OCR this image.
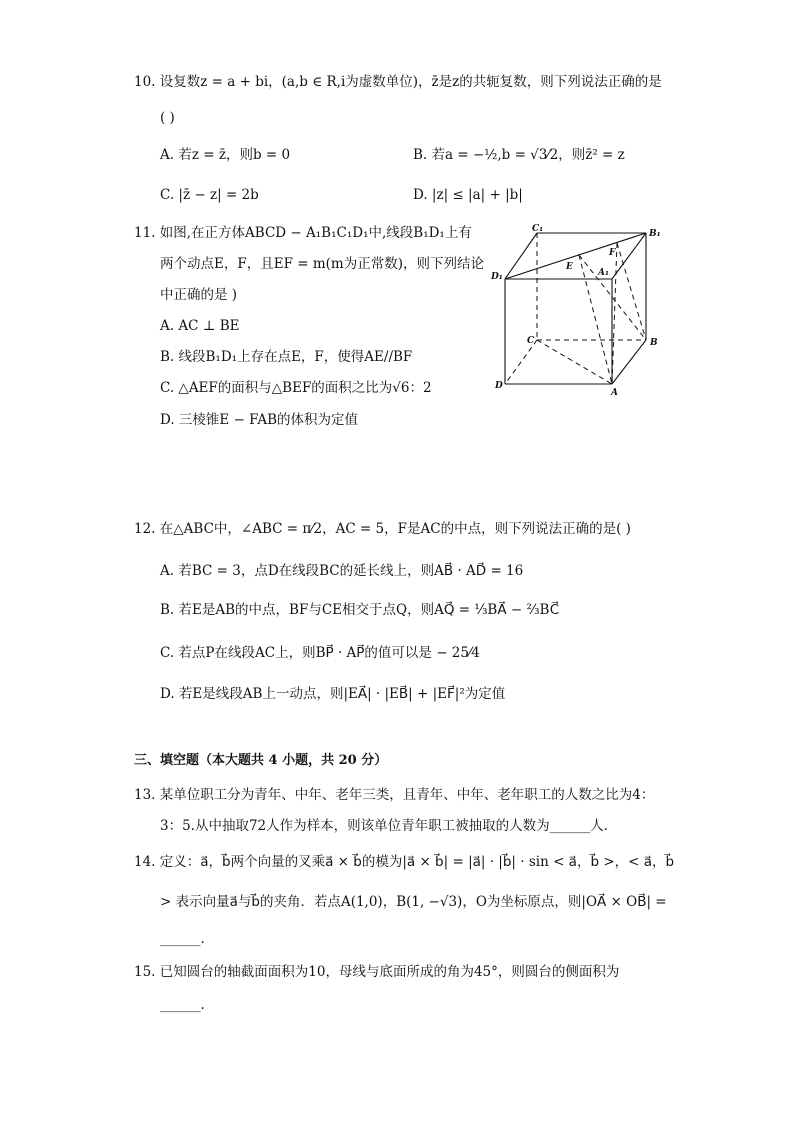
10. 设复数z = a + bi，(a,b ∈ R,i为虚数单位)，z̄是z的共轭复数，则下列说法正确的是
( )
A. 若z = z̄，则b = 0	B. 若a = −½,b = √3⁄2，则z̄² = z
C. |z̄ − z| = 2b	D. |z| ≤ |a| + |b|
11. 如图,在正方体ABCD − A₁B₁C₁D₁中,线段B₁D₁上有
两个动点E，F，且EF = m(m为正常数)，则下列结论
中正确的是 )
A. AC ⊥ BE
B. 线段B₁D₁上存在点E，F，使得AE//BF
C. △AEF的面积与△BEF的面积之比为√6：2
D. 三棱锥E − FAB的体积为定值
C₁	B₁
D₁	A₁
E
F
C	B
D
A
12. 在△ABC中，∠ABC = π⁄2，AC = 5，F是AC的中点，则下列说法正确的是( )
A. 若BC = 3，点D在线段BC的延长线上，则AB⃗ · AD⃗ = 16
B. 若E是AB的中点，BF与CE相交于点Q，则AQ⃗ = ⅓BA⃗ − ⅔BC⃗
C. 若点P在线段AC上，则BP⃗ · AP⃗的值可以是 − 25⁄4
D. 若E是线段AB上一动点，则|EA⃗| · |EB⃗| + |EF⃗|²为定值
三、填空题（本大题共 4 小题，共 20 分）
13. 某单位职工分为青年、中年、老年三类，且青年、中年、老年职工的人数之比为4：
3：5.从中抽取72人作为样本，则该单位青年职工被抽取的人数为______人.
14. 定义：a⃗，b⃗两个向量的叉乘a⃗ × b⃗的模为|a⃗ × b⃗| = |a⃗| · |b⃗| · sin < a⃗，b⃗ >，< a⃗，b⃗
> 表示向量a⃗与b⃗的夹角．若点A(1,0)，B(1, −√3)，O为坐标原点，则|OA⃗ × OB⃗| =
______.
15. 已知圆台的轴截面面积为10，母线与底面所成的角为45°，则圆台的侧面积为
______.
